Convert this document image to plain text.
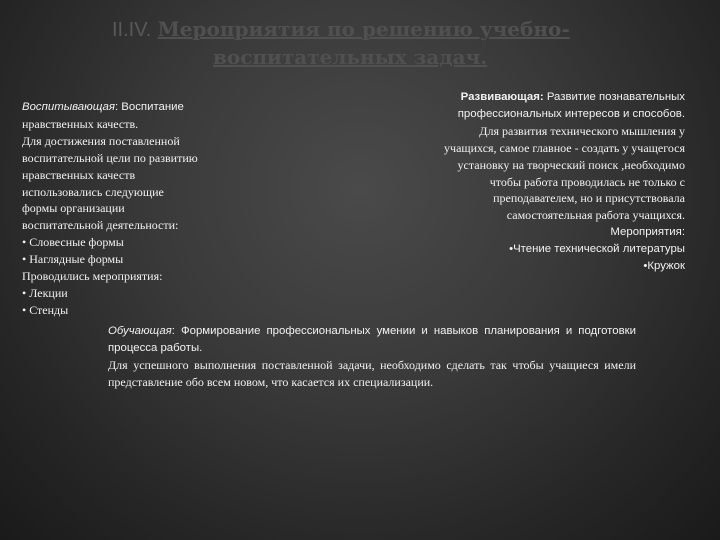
II.IV. Мероприятия по решению учебно-
воспитательных задач.
Воспитывающая: Воспитание
нравственных качеств.
Для достижения поставленной
воспитательной цели по развитию
нравственных качеств
использовались следующие
формы организации
воспитательной деятельности:
• Словесные формы
• Наглядные формы
Проводились мероприятия:
• Лекции
• Стенды
Развивающая: Развитие познавательных
профессиональных интересов и способов.
Для развития технического мышления у
учащихся, самое главное - создать у учащегося
установку на творческий поиск ,необходимо
чтобы работа проводилась не только с
преподавателем, но и присутствовала
самостоятельная работа учащихся.
Мероприятия:
•Чтение технической литературы
•Кружок
Обучающая: Формирование профессиональных умении и навыков планирования и подготовки процесса работы.
Для успешного выполнения поставленной задачи, необходимо сделать так чтобы учащиеся имели представление обо всем новом, что касается их специализации.
